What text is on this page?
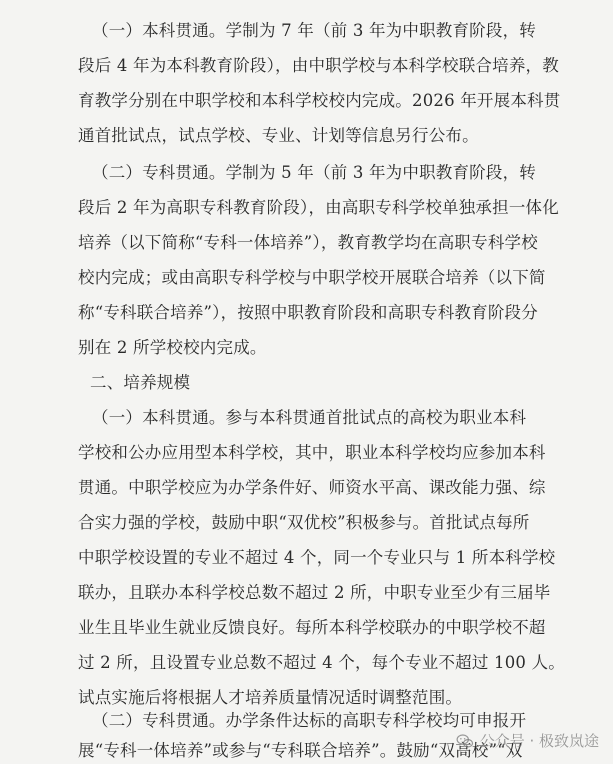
（一）本科贯通。学制为 7 年（前 3 年为中职教育阶段，转
段后 4 年为本科教育阶段），由中职学校与本科学校联合培养，教
育教学分别在中职学校和本科学校校内完成。2026 年开展本科贯
通首批试点，试点学校、专业、计划等信息另行公布。
（二）专科贯通。学制为 5 年（前 3 年为中职教育阶段，转
段后 2 年为高职专科教育阶段），由高职专科学校单独承担一体化
培养（以下简称“专科一体培养”），教育教学均在高职专科学校
校内完成；或由高职专科学校与中职学校开展联合培养（以下简
称“专科联合培养”），按照中职教育阶段和高职专科教育阶段分
别在 2 所学校校内完成。
二、培养规模
（一）本科贯通。参与本科贯通首批试点的高校为职业本科
学校和公办应用型本科学校，其中，职业本科学校均应参加本科
贯通。中职学校应为办学条件好、师资水平高、课改能力强、综
合实力强的学校，鼓励中职“双优校”积极参与。首批试点每所
中职学校设置的专业不超过 4 个，同一个专业只与 1 所本科学校
联办，且联办本科学校总数不超过 2 所，中职专业至少有三届毕
业生且毕业生就业反馈良好。每所本科学校联办的中职学校不超
过 2 所，且设置专业总数不超过 4 个，每个专业不超过 100 人。
试点实施后将根据人才培养质量情况适时调整范围。
（二）专科贯通。办学条件达标的高职专科学校均可申报开
展“专科一体培养”或参与“专科联合培养”。鼓励“双高校”“双
公众号 · 极致岚途
